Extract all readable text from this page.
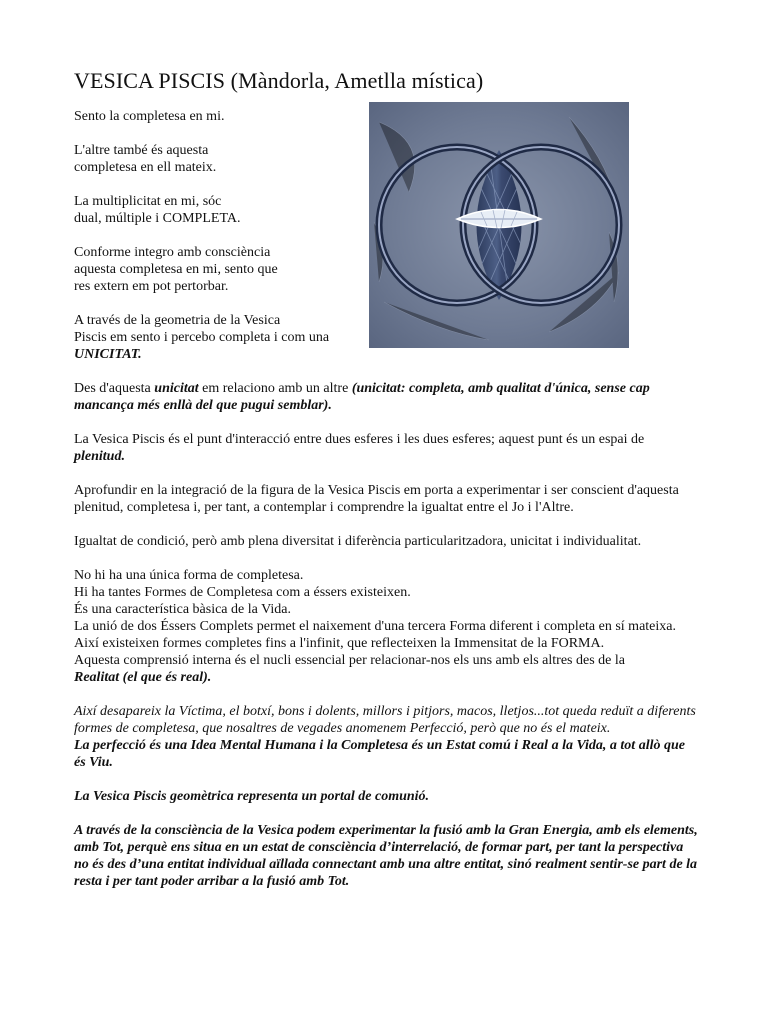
VESICA PISCIS (Màndorla, Ametlla mística)

Sento la completesa en mi.

L'altre també és aquesta
completesa en ell mateix.

La multiplicitat en mi, sóc
dual, múltiple i COMPLETA.

Conforme integro amb consciència
aquesta completesa en mi, sento que
res extern em pot pertorbar.

A través de la geometria de la Vesica
Piscis em sento i percebo completa i com una
UNICITAT.

Des d'aquesta unicitat em relaciono amb un altre (unicitat: completa, amb qualitat d'única, sense cap mancança més enllà del que pugui semblar).

La Vesica Piscis és el punt d'interacció entre dues esferes i les dues esferes; aquest punt és un espai de plenitud.

Aprofundir en la integració de la figura de la Vesica Piscis em porta a experimentar i ser conscient d'aquesta plenitud, completesa i, per tant, a contemplar i comprendre la igualtat entre el Jo i l'Altre.

Igualtat de condició, però amb plena diversitat i diferència particularitzadora, unicitat i individualitat.

No hi ha una única forma de completesa.
Hi ha tantes Formes de Completesa com a éssers existeixen.
És una característica bàsica de la Vida.
La unió de dos Éssers Complets permet el naixement d'una tercera Forma diferent i completa en sí mateixa.
Així existeixen formes completes fins a l'infinit, que reflecteixen la Immensitat de la FORMA.
Aquesta comprensió interna és el nucli essencial per relacionar-nos els uns amb els altres des de la
Realitat (el que és real).

Així desapareix la Víctima, el botxí, bons i dolents, millors i pitjors, macos, lletjos...tot queda reduït a diferents formes de completesa, que nosaltres de vegades anomenem Perfecció, però que no és el mateix.
La perfecció és una Idea Mental Humana i la Completesa és un Estat comú i Real a la Vida, a tot allò que és Viu.

La Vesica Piscis geomètrica representa un portal de comunió.

A través de la consciència de la Vesica podem experimentar la fusió amb la Gran Energia, amb els elements, amb Tot, perquè ens situa en un estat de consciència d’interrelació, de formar part, per tant la perspectiva no és des d’una entitat individual aïllada connectant amb una altre entitat, sinó realment sentir-se part de la resta i per tant poder arribar a la fusió amb Tot.
